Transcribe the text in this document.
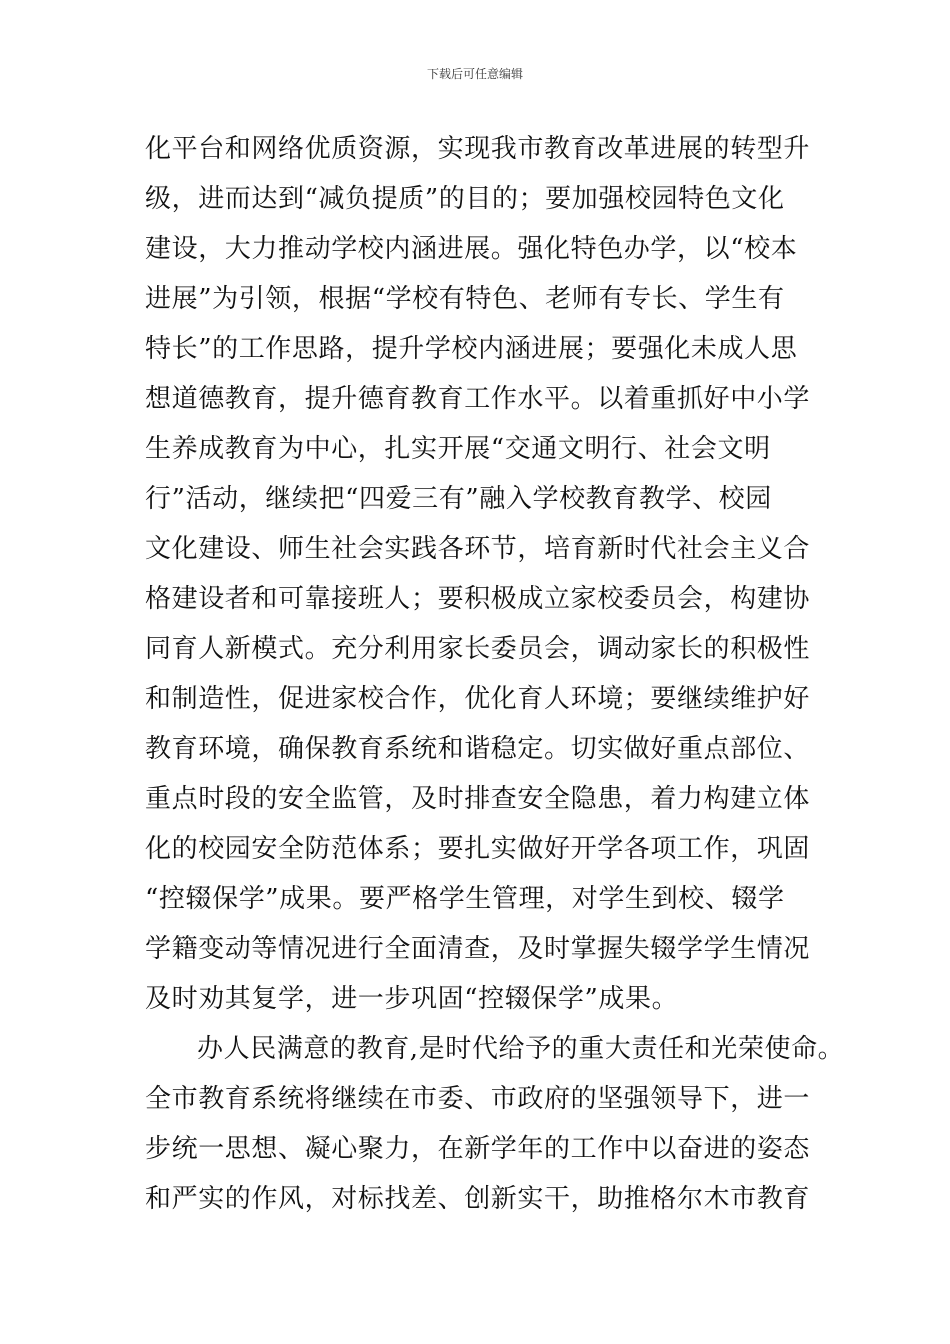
下载后可任意编辑
化平台和网络优质资源，实现我市教育改革进展的转型升
级，进而达到“减负提质”的目的；要加强校园特色文化
建设，大力推动学校内涵进展。强化特色办学，以“校本
进展”为引领，根据“学校有特色、老师有专长、学生有
特长”的工作思路，提升学校内涵进展；要强化未成人思
想道德教育，提升德育教育工作水平。以着重抓好中小学
生养成教育为中心，扎实开展“交通文明行、社会文明
行”活动，继续把“四爱三有”融入学校教育教学、校园
文化建设、师生社会实践各环节，培育新时代社会主义合
格建设者和可靠接班人；要积极成立家校委员会，构建协
同育人新模式。充分利用家长委员会，调动家长的积极性
和制造性，促进家校合作，优化育人环境；要继续维护好
教育环境，确保教育系统和谐稳定。切实做好重点部位、
重点时段的安全监管，及时排查安全隐患，着力构建立体
化的校园安全防范体系；要扎实做好开学各项工作，巩固
“控辍保学”成果。要严格学生管理，对学生到校、辍学
学籍变动等情况进行全面清查，及时掌握失辍学学生情况
及时劝其复学，进一步巩固“控辍保学”成果。
办人民满意的教育,是时代给予的重大责任和光荣使命。
全市教育系统将继续在市委、市政府的坚强领导下，进一
步统一思想、凝心聚力，在新学年的工作中以奋进的姿态
和严实的作风，对标找差、创新实干，助推格尔木市教育
